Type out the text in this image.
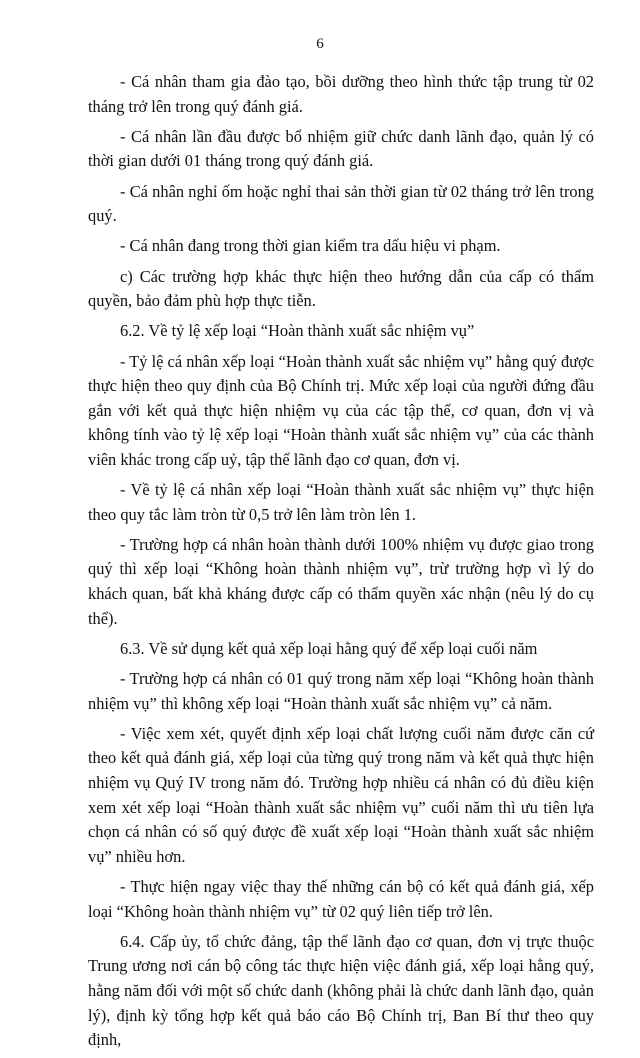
6

- Cá nhân tham gia đào tạo, bồi dưỡng theo hình thức tập trung từ 02 tháng trở lên trong quý đánh giá.

- Cá nhân lần đầu được bổ nhiệm giữ chức danh lãnh đạo, quản lý có thời gian dưới 01 tháng trong quý đánh giá.

- Cá nhân nghỉ ốm hoặc nghỉ thai sản thời gian từ 02 tháng trở lên trong quý.

- Cá nhân đang trong thời gian kiểm tra dấu hiệu vi phạm.

c) Các trường hợp khác thực hiện theo hướng dẫn của cấp có thẩm quyền, bảo đảm phù hợp thực tiễn.

6.2. Về tỷ lệ xếp loại “Hoàn thành xuất sắc nhiệm vụ”

- Tỷ lệ cá nhân xếp loại “Hoàn thành xuất sắc nhiệm vụ” hằng quý được thực hiện theo quy định của Bộ Chính trị. Mức xếp loại của người đứng đầu gắn với kết quả thực hiện nhiệm vụ của các tập thể, cơ quan, đơn vị và không tính vào tỷ lệ xếp loại “Hoàn thành xuất sắc nhiệm vụ” của các thành viên khác trong cấp uỷ, tập thể lãnh đạo cơ quan, đơn vị.

- Về tỷ lệ cá nhân xếp loại “Hoàn thành xuất sắc nhiệm vụ” thực hiện theo quy tắc làm tròn từ 0,5 trở lên làm tròn lên 1.

- Trường hợp cá nhân hoàn thành dưới 100% nhiệm vụ được giao trong quý thì xếp loại “Không hoàn thành nhiệm vụ”, trừ trường hợp vì lý do khách quan, bất khả kháng được cấp có thẩm quyền xác nhận (nêu lý do cụ thể).

6.3. Về sử dụng kết quả xếp loại hằng quý để xếp loại cuối năm

- Trường hợp cá nhân có 01 quý trong năm xếp loại “Không hoàn thành nhiệm vụ” thì không xếp loại “Hoàn thành xuất sắc nhiệm vụ” cả năm.

- Việc xem xét, quyết định xếp loại chất lượng cuối năm được căn cứ theo kết quả đánh giá, xếp loại của từng quý trong năm và kết quả thực hiện nhiệm vụ Quý IV trong năm đó. Trường hợp nhiều cá nhân có đủ điều kiện xem xét xếp loại “Hoàn thành xuất sắc nhiệm vụ” cuối năm thì ưu tiên lựa chọn cá nhân có số quý được đề xuất xếp loại “Hoàn thành xuất sắc nhiệm vụ” nhiều hơn.

- Thực hiện ngay việc thay thế những cán bộ có kết quả đánh giá, xếp loại “Không hoàn thành nhiệm vụ” từ 02 quý liên tiếp trở lên.

6.4. Cấp ủy, tổ chức đảng, tập thể lãnh đạo cơ quan, đơn vị trực thuộc Trung ương nơi cán bộ công tác thực hiện việc đánh giá, xếp loại hằng quý, hằng năm đối với một số chức danh (không phải là chức danh lãnh đạo, quản lý), định kỳ tổng hợp kết quả báo cáo Bộ Chính trị, Ban Bí thư theo quy định,
